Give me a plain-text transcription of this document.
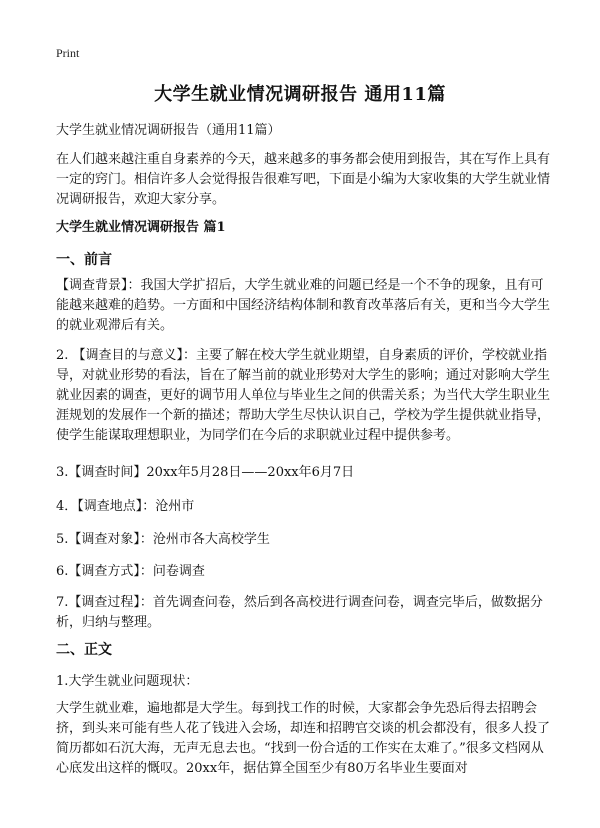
Print
大学生就业情况调研报告 通用11篇
大学生就业情况调研报告（通用11篇）
在人们越来越注重自身素养的今天，越来越多的事务都会使用到报告，其在写作上具有一定的窍门。相信许多人会觉得报告很难写吧，下面是小编为大家收集的大学生就业情况调研报告，欢迎大家分享。
大学生就业情况调研报告 篇1
一、前言
【调查背景】：我国大学扩招后，大学生就业难的问题已经是一个不争的现象，且有可能越来越难的趋势。一方面和中国经济结构体制和教育改革落后有关，更和当今大学生的就业观滞后有关。
2. 【调查目的与意义】：主要了解在校大学生就业期望，自身素质的评价，学校就业指导，对就业形势的看法，旨在了解当前的就业形势对大学生的影响；通过对影响大学生就业因素的调查，更好的调节用人单位与毕业生之间的供需关系；为当代大学生职业生涯规划的发展作一个新的描述；帮助大学生尽快认识自己，学校为学生提供就业指导，使学生能谋取理想职业，为同学们在今后的求职就业过程中提供参考。
3.【调查时间】20xx年5月28日——20xx年6月7日
4．【调查地点】：沧州市
5.【调查对象】：沧州市各大高校学生
6.【调查方式】：问卷调查
7.【调查过程】：首先调查问卷，然后到各高校进行调查问卷，调查完毕后，做数据分析，归纳与整理。
二、正文
1.大学生就业问题现状：
大学生就业难，遍地都是大学生。每到找工作的时候，大家都会争先恐后得去招聘会挤，到头来可能有些人花了钱进入会场，却连和招聘官交谈的机会都没有，很多人投了简历都如石沉大海，无声无息去也。“找到一份合适的工作实在太难了。”很多文档网从心底发出这样的慨叹。20xx年，据估算全国至少有80万名毕业生要面对
